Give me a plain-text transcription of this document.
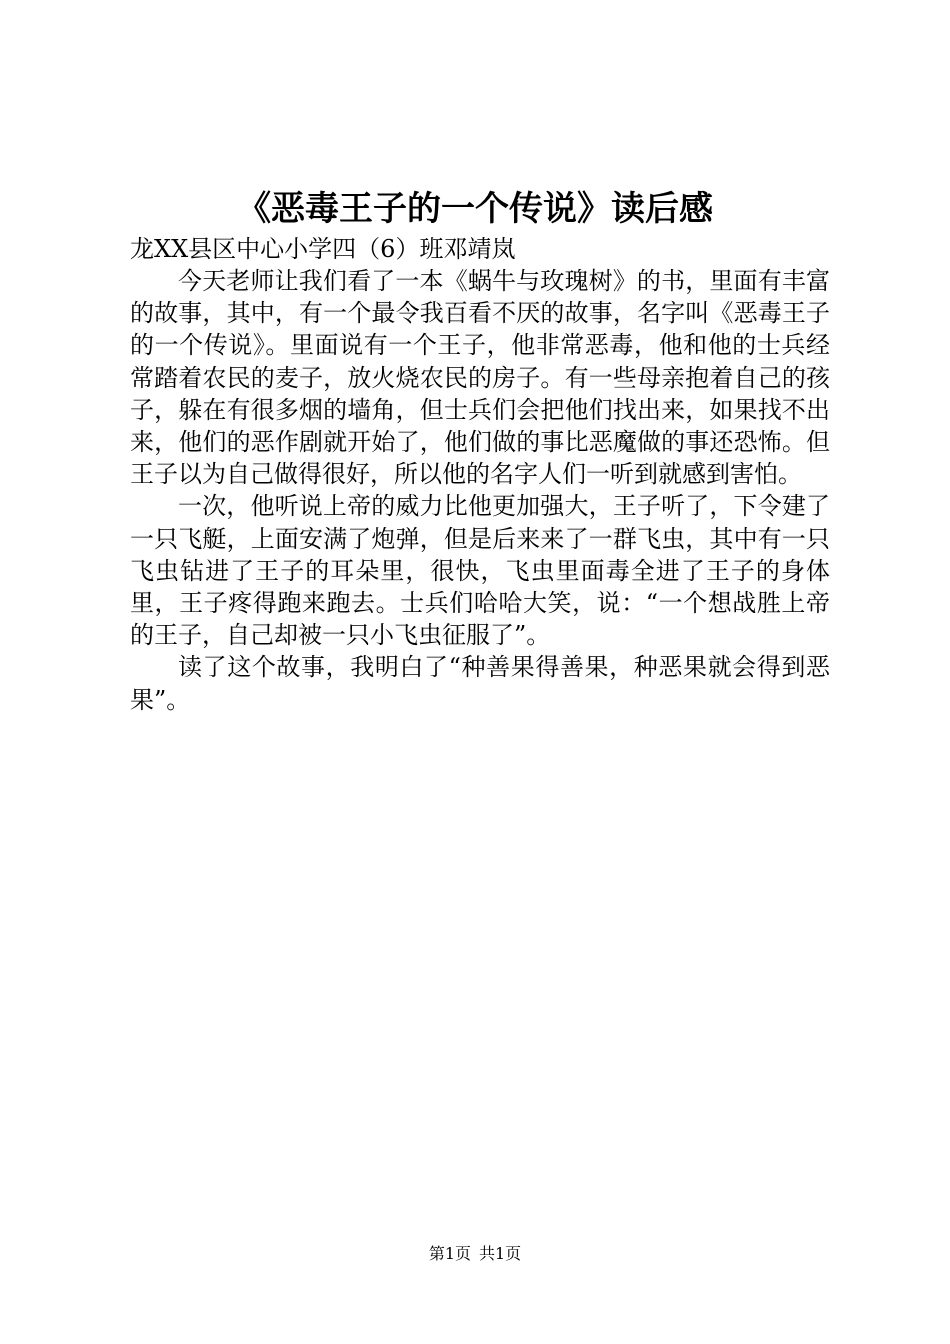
《恶毒王子的一个传说》读后感
龙XX县区中心小学四（6）班邓靖岚

今天老师让我们看了一本《蜗牛与玫瑰树》的书，里面有丰富的故事，其中，有一个最令我百看不厌的故事，名字叫《恶毒王子的一个传说》。里面说有一个王子，他非常恶毒，他和他的士兵经常踏着农民的麦子，放火烧农民的房子。有一些母亲抱着自己的孩子，躲在有很多烟的墙角，但士兵们会把他们找出来，如果找不出来，他们的恶作剧就开始了，他们做的事比恶魔做的事还恐怖。但王子以为自己做得很好，所以他的名字人们一听到就感到害怕。

一次，他听说上帝的威力比他更加强大，王子听了，下令建了一只飞艇，上面安满了炮弹，但是后来来了一群飞虫，其中有一只飞虫钻进了王子的耳朵里，很快，飞虫里面毒全进了王子的身体里，王子疼得跑来跑去。士兵们哈哈大笑，说：“一个想战胜上帝的王子，自己却被一只小飞虫征服了”。

读了这个故事，我明白了“种善果得善果，种恶果就会得到恶果”。

第1页 共1页
